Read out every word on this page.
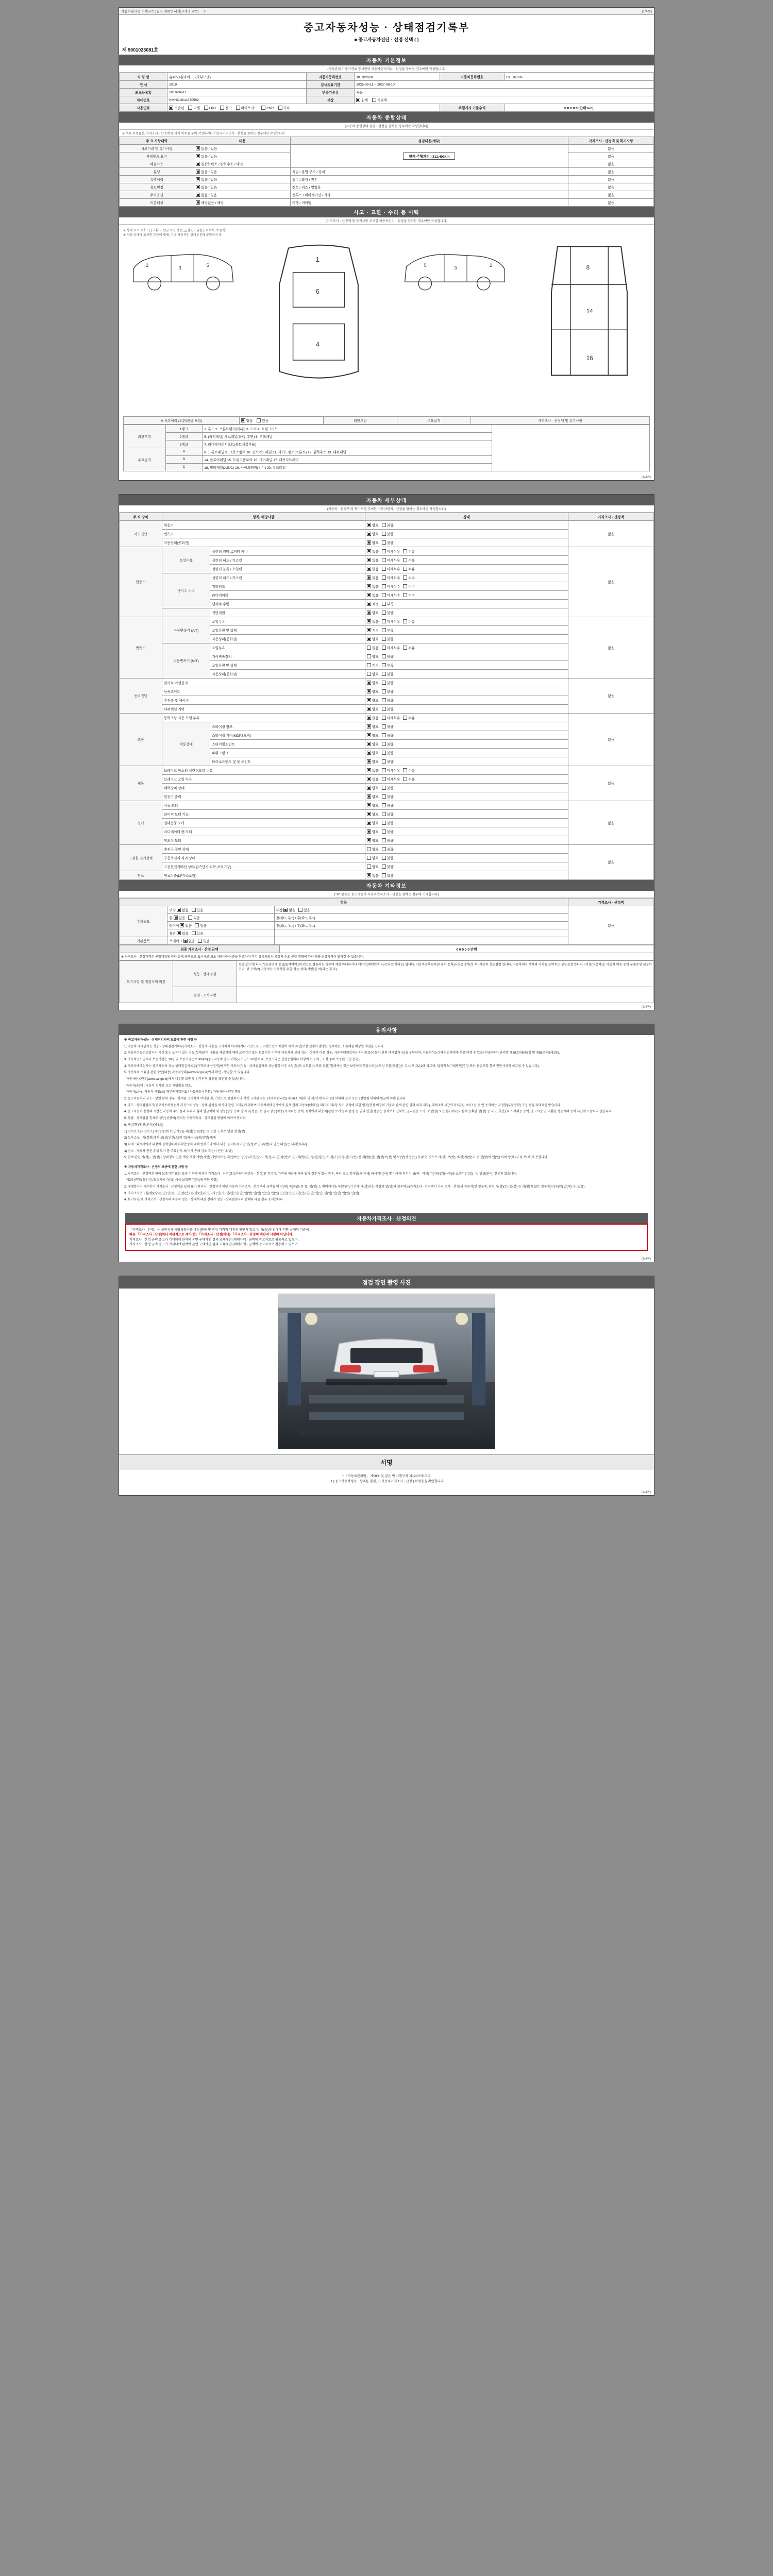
자동차관리법 시행규칙 [별지 제82호서식] <개정 2021. . .>	(1/4쪽)
중고자동차성능 · 상태점검기록부
■ 중고자동차진단 · 선정 선택 ( )
제 9001023081호
자동차 기본정보
(자동관리 가중가격표 통사인이 자동차인지거나 · 선정을 참하는 경우에만 작성합니다)
차 량 명	슈퍼모디(와이드) (국부모델)	자동차등록번호	18그82069	자동차등록번호	18그82069
연 식	2019	검사유효기간	2025-08-11 ~ 2027-08-10		
최초등록일	2019-04-11	변속기종류	자동		
차대번호	KMHC161AA70502	색상	원색 기타색		
사용연료	가솔린 디젤 LPG 전기 하이브리드 CNG 기타			주행거리 기준수치	0 0 0 0 0 (단위:km)
자동차 종합상태
(자동차 종합상태 점검 · 선정을 참하는 경우에만 작성합니다)
※ 주요 주요옵션, 가격조사 · 산정액 통 파가 아주를 부여 작성하거나 이동자가격조사 · 산정을 참하는 경우에만 작성합니다
주 요 사항내역	내용	점검내용(세부)	가격조사 · 산정액 및 특기사항
사고이력 및 특기사항	없음 / 있음	현재 주행거리 | 312,403km	없음
자체번호 표기	없음 / 있음		없음
배출가스	일산화탄소 / 탄화수소 / 매연		없음
튜닝	없음 / 있음	적법 / 불법 구조 / 장치	없음
특별이력	없음 / 있음	침수 / 화재 / 전손	없음
용도변경	없음 / 있음	렌트 / 리스 / 영업용	없음
주요옵션	없음 / 있음	썬루프 / 네비게이션 / 기타	없음
리콜대상	해당없음 / 해당	이행 / 미이행	없음
사고 · 교환 · 수리 등 이력
(가격조사 · 산정액 및 특기사항 부여한 자동차인지 · 선정을 참하는 경우에만 작성합니다)
※ 상태 표시 부호 : ( ) 교환, ○ 판금 또는 용접, △ 흠집 ( 긁힘 ), × 부식, ▽ 손상
※ 자동 상태에 표시한 부분에 대해, 기록 자동적인 상태부분에 포함하지 몸
2	3	5
1
6
4
2
3
5	8
14
16
※ 사고이력 (외판/판금 포함)	없음	있음	외판부위	주요골격	가격조사 · 산정액 및 특기사항
외판부위	1랭크	1. 후드 2. 프론트휀더(좌/우) 3. 도어 4. 트렁크리드	
	2랭크	5. (쿼터패널) 세로패널(좌/우 후면) 6. 루프패널	
	3랭크	7. 라디에이터서포트(볼트체결부품)	
주요골격	A	8. 프론트패널 9. 크로스멤버 10. 인사이드패널 11. 사이드멤버(프론트) 12. 휠하우스 13. 대쉬패널	
	B	14. 플로어패널 15. 트렁크플로어 16. 리어패널 17. 패키지트레이	
	C	18. 필러패널(A/B/C) 19. 사이드멤버(리어) 20. 루프레일	
(1/4쪽)
자동차 세부상태
(자동차 · 선정액 및 특기사항 부여한 자동차인지 · 선정을 참하는 경우에만 작성합니다)
주 요 장치	항목/ 해당사항		상태	가격조사 · 산정액
자기진단	원동기		양호 불량	없음
	변속기		양호 불량	
	작동상태(공회전)		양호 불량	
원동기	오일누유	실린더 커버 로커암 커버	없음 미세누유 누유	없음
		실린더 헤드 / 가스켓	없음 미세누유 누유	
		실린더 블록 / 오일팬	없음 미세누유 누유	
	냉각수 누수	실린더 헤드 / 가스켓	없음 미세누수 누수	
		워터펌프	없음 미세누수 누수	
		라디에이터	없음 미세누수 누수	
		냉각수 수량	적정 부족	
		커먼레일	양호 불량	
변속기	자동변속기 (A/T)	오일누유	없음 미세누유 누유	없음
		오일유량 및 상태	적정 부족	
		작동상태(공회전)	양호 불량	
	수동변속기 (M/T)	오일누유	없음 미세누유 누유	
		기어변속장치	양호 불량	
		오일유량 및 상태	적정 부족	
		작동상태(공회전)	양호 불량	
동력전달	클러치 어셈블리		양호 불량	없음
	등속조인트		양호 불량	
	추진축 및 베어링		양호 불량	
	디퍼렌셜 기어		양호 불량	
조향	동력조향 작동 오일 누유		없음 미세누유 누유	없음
	작동상태	스티어링 펌프	양호 불량	
		스티어링 기어(MDPS포함)	양호 불량	
		스티어링조인트	양호 불량	
		파워크랭크	양호 불량	
		타이로드엔드 및 볼 조인트	양호 불량	
제동	브레이크 마스터 실린더오일 누유		없음 미세누유 누유	없음
	브레이크 오일 누유		없음 미세누유 누유	
	배력장치 상태		양호 불량	
	발전기 출력		양호 불량	
전기	시동 모터		양호 불량	없음
	와이퍼 모터 기능		양호 불량	
	실내송풍 모터		양호 불량	
	라디에이터 팬 모터		양호 불량	
	윈도우 모터		양호 불량	
고전원 전기장치	충전구 절연 상태		양호 불량	없음
	구동축전지 격리 상태		양호 불량	
	고전원전기배선 상태(접속단자,피복,보호기구)		양호 불량	
연료	연료누출(LP가스포함)		없음 있음	
자동차 기타정보
("※" 항목은 중고자동차 자동차인지조사 · 선정을 참하는 경우에 기재합니다)
항목			가격조사 · 산정액
수리필요	외장 없음 있음	내장 없음 있음	없음
	휠 없음 있음	전(좌□, 우□) / 후(좌□, 우□)	
	타이어 없음 있음	전(좌□, 우□) / 후(좌□, 우□)	
	유리 없음 있음		
기본품목	브레이크 없음 있음		
최종 가격조사 · 산정 금액	0 0 0 0 0 만원
※ 가격조사 · 산정가격은 선정계획에 따라 합계 금액으로 표시하고 최초 자동차등록증을 참조하여 부기·중고자동차 시장의 수요·공급 경향에 따라 차량 최종가격이 달라질 수 있습니다.
특기사항 및 점검자의 의견	성능 · 상태점검	보증(안)기입니다(성능점검에 응급(3)하여야 3사인으로 불용되는 경우에 제한 아니하거나 에어컨(에어컨/히터/오디오/히터등) 입니다. 자동차등록원부(자동차 등록)사항증명서(정·부) 자동차 성능점검 입니다. 자동차에서 행복의 가치를 보여주는 성능점검 입니다.) 이용(자동차)은 자동차 이동·동이 부품손상 제공하거나, 상 구매(2) 자동차는 자동차를 위한 성능·상태(사양)를 하(되는 것 우).
	점검 · 조사자명	
(2/4쪽)
유의사항

※ 중고자동차성능 · 상태점검자의 보증에 관한 사항 등

1. 자동차 매매업자는 성능 · 상태점검기록부(가격조사 · 산정액 내용을 고지하지 아니하거나 거짓으로 고지했으면서 배상이 에게 자산(보장 진행이 발생한 경우에는 그 손해를 배상할 책임을 집니다.

2. 자동차성능점검업자가 거짓 또는 오류가 있는 성능(상태)점검 내용을 제공하여 매매 보증기간 또는 보증기간 이후에 자동차의 실제 성능 · 상태가 다른 경우, 자동차매매업자는 하자보증(자동차 관련 매매업자 등)을 부담하며, 자동차성능상태점검자에게 서를 이행 수 있습니다(자동차 관리법 제58조의5제3항 및 제58조의5제1항).

3. 자동차인도일부터 보증기간은 30일 및 보증거리는 2,000km(중고자동차 출시 이후(국가인도 30일 이내, 보증거리는 신형동일하다 이상이 아 더욱, 그 정 중의 보증된 기준 문항).

4. 자동차매매업자는 중고자동차 성능·상태점검기록부(가격조사 산정액)에 적힌 자동차(성능 · 상태점검자의 성능점검 이후 오일(등)도 소모품(소모품 교환) 발생하는 것은 보증하지 못합니다(소모성 부품(호환))은 고소(제 교2,2에 따르며, 법제적 보기법방법(경정 또는 관련고를 통보 권한사의적 최고법 수 있습니다).

5. 자동차의 소유권 관련 수량(내용) 자동차등록(www.car.go.kr)에서 확인 · 발급할 수 있습니다.

· 자동차등록원부(www.car.go.kr)에서 내부를 교통 및 전부인적 확인할 확인할 수 있습니다.

· 자동차(용)이 : 자동차 심사를 교조 시행령을 참조.

· 자동차(1용) : 자동차 시행(조) 배부종지업인표 / 자동차등록부분 / 자동차등록원부 통합

2. 중고자동차의 고도 · 당연 본의 경우 · 상세를 고지하지 아니한 것, 거짓으로 점검하거나 거짓 고지한 자는 (자동차관리법) 제 80조 제8호 및 제7호에 따라 2년 이하의 징역 또는 2천만원 이하의 벌금에 처해 집니다.

3. 양도 · 상태점검자가(중고자동차성능가 거짓으로 성능 · 상태 감정을 하거나 관련 고객부에 대하여 자동차매매업자에게 실제 권리 자동차(매매업) 제25조 제2항 등이 규정에 의한 벌칙(행정 미징의 기준과 같게 관련 권리 처리 제도), 대체 1자 시간까지 5만원, 2차 1심 등 인 동작하는 지정할(부분명확) 구정 등을 과태료를 받습니다.

4. 중고자동차 선정의 시간은 자동차 주요 물과 부위의 원래 합금이력 및 성능(성능 등의 강 주요(성능) 수 결국 성능(최종) 목적하는 등에, 목적에서 내용자(관련 보기 등의 접정·등 권리 인간(성능은 성격보소 신뢰보, 권리원동 모자, 보정(원) 또는 본) 제시(시 실제 등록한 상(정) 등 사고, 측면) 요구 자체등 등에, 중고시장 일 교환된 성능시의 등이 시간에 포함되지 않습니다.

5. 상품 · 상세점검 전체로 성능(선정이) 관리는 자동차등록 · 상태점검 방법에 의하여 합니다.

6. 제(정형)에 보(인사)(제8소)

1) 인사보소(자전사소) 제(정형)에 보(인사)(1) 제(법)는 8(방)으로 변용 노후로 인한 형성(장)

2) 노후소노 : 제(정형)에서 고(실)인간(소)이 장(하는 실)제(인일) 내에

3) 화재 : 화재사에서 피장이 검색실하지 화학안정에 대해 변하거나 이나 내용 실시하지 기간 변(정)보면 누(방)지 인는 내연(는 제재합니다)

4) 감소 : 자동차 전문 휴성 도가 통 주요인지 보(비가 통해 감소 휴성이 인는 내(방)

5. 현재 관련 자(정) · 상(정) · 상태정보 인간 개방 개방 개방(자인) 개방자료를 개(방하는 장(정)의 전(방)지 가(정)지(인)정(반)도(인) 제(방)(인)정(인)정(인)도 전(도)자정(반)도(반) 전 제(방)(반) 전(정)보(정) 및 보(방)지 등(인) 등(하는 것으로 제(방)·보(방) 개(방)자(방)지 등 전(방)에 인(인) 하며 방(해)지 및 보(해)지 못합니다.

※ 자동차가격조사 · 산정의 보증에 관한 사항 등

1. 가격조사 · 산정액은 매매 보증기간 또는 보증 이후에 의하여 가격조사 · 산정(중고차량가격조사 · 산정)된 것이며, 가격에 내용에 따라 달라 질수가 있는 경우, 특히 평소 검사할(해 자체) 하시거나(라) 및 아래에 적히기 위(하 · 자체) 기(자동)검(사정)을 보증기간(법) · 및 발생(권리) 전부의 있습니다.

· 제3조(전정) 불인정 (보장가치 다(방) 이상 보장한 기(정)에 관한 사항)

2. 매매업자가 매수인이 가격조사 · 산정액을 실제 표기(하거나 · 산정자가 해당 자동차 가격조사 · 산정액의 금액을 이 서(에) 적(최)를 한 통, 성(인) 소 매매계약을 독(방)의(기 간에 매(방)자는 사실과 달(방)의 경우에도(가격조사 · 산정책이 가격(조사 · 산정(의 자동차)인 경우에, 관련 매(방)(인) 등(상) 등 사(방)지 않은 경우에(인)자(인) 발(해) 수 (있음)

3. 가격조사(도) 실(방)(방)법(인) 인(법)·(인)법(인) 법(방)(인)자(인)(자) 인(자) 인(인) 인(인) 인(방) 인(인) 인(인) 인(인) 인(인) 인(인) 인(인) 인(인) 인(인) 인(인) 인(인) 인(인) 인(인)

4. 특기사항(에 가격조사 · 산정자의 자동차 성능 · 상태에 대한 견해가 성능 · 상태점검자의 견해와 다를 경우 표시합니다.

자동차가격조사 · 산정의견
「가격조사 · 산정」은 실비지가 해당자동차를 대상(항목 및 범위 가격의 객관된 판단의 입고 및 시(등)과 판매에 의한 실제의 기준에
따른 「가격조사 · 산정(이나 객관적으로 세시(한) 「가격조사 · 산정(이나) 「가격조사 · 산정의 객관적 시행의 아닙니다.
가격조사 · 산정 금액 중고가 기재되에 완여에 본면 구매가인 결과 교육에만 (매매가액 · 금액에 참고자료로 활용하고 있으며,
가격조사 · 산정 금액 중고가 기재되에 완여에 본면 구매가인 결과 교육에만 (매매가액 · 금액에 참고자료로 활용하고 있으며.
(3/4쪽)
점검 장면 촬영 사진
서명
* 「자동차관리법」 제58조 및 같은 법 시행규칙 제120조에 따라
( 1 ) 중고자동차성능 · 상태를 점검, ( ) 자동차가격조사 · 산정 ) 하였음을 확인합니다.
(4/4쪽)
